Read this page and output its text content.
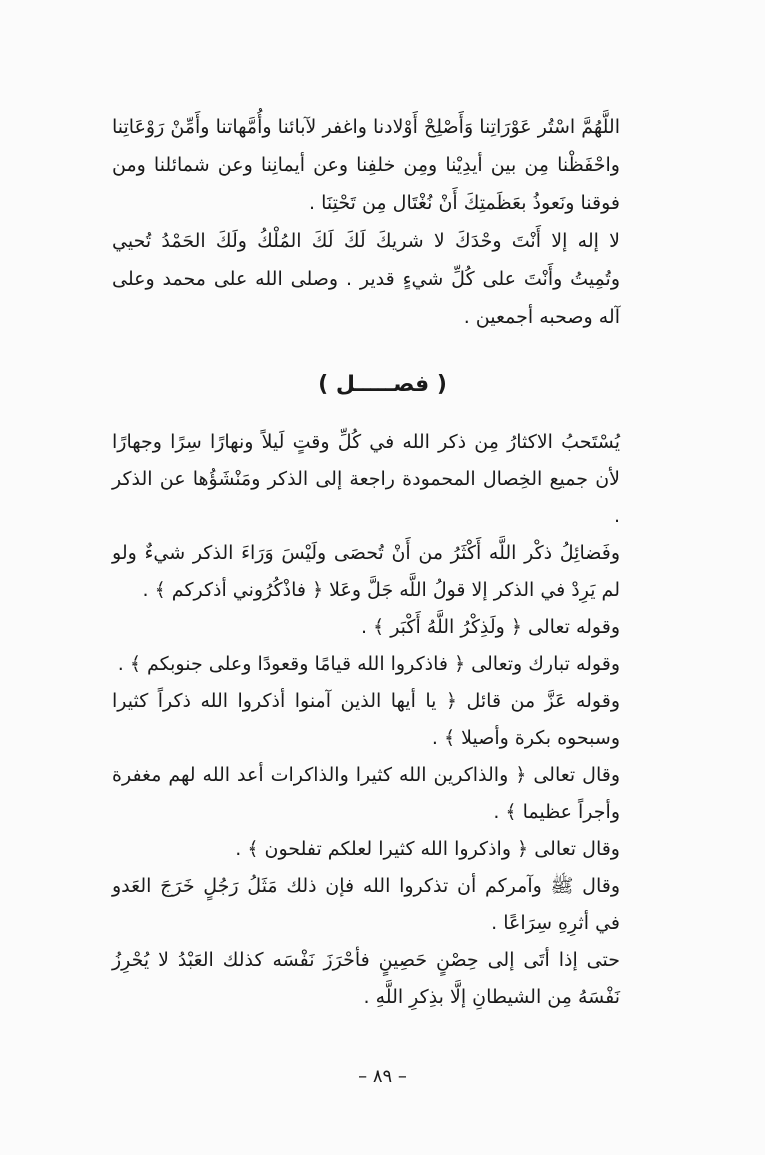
اللَّهُمَّ اسْتُر عَوْرَاتِنا وَأَصْلِحْ أَوْلادنا واغفر لآبائنا وأُمَّهاتنا وأَمِّنْ رَوْعَاتِنا واحْفَظْنا مِن بين أيدِيْنا ومِن خلفِنا وعن أيمانِنا وعن شمائلنا ومن فوقنا ونَعوذُ بعَظَمتِكَ أَنْ نُغْتَال مِن تَحْتِنَا .

لا إله إلا أَنْتَ وحْدَكَ لا شريكَ لَكَ لَكَ المُلْكُ ولَكَ الحَمْدُ تُحيي وتُمِيتُ وأَنْتَ على كُلِّ شيءٍ قدير . وصلى الله على محمد وعلى آله وصحبه أجمعين .

( فصـــــل )

يُسْتَحبُ الاكثارُ مِن ذكر الله في كُلِّ وقتٍ لَيلاً ونهارًا سِرًا وجهارًا لأن جميع الخِصال المحمودة راجعة إلى الذكر ومَنْشَؤُها عن الذكر .

وفَضائِلُ ذكْر اللَّه أَكْثَرُ من أَنْ تُحصَى ولَيْسَ وَرَاءَ الذكر شيءٌ ولو لم يَرِدْ في الذكر إلا قولُ اللَّه جَلَّ وعَلا ﴿ فاذْكُرُوني أذكركم ﴾ .

وقوله تعالى ﴿ ولَذِكْرُ اللَّهُ أَكْبَر ﴾ .

وقوله تبارك وتعالى ﴿ فاذكروا الله قيامًا وقعودًا وعلى جنوبكم ﴾ .

وقوله عَزَّ من قائل ﴿ يا أيها الذين آمنوا أذكروا الله ذكراً كثيرا وسبحوه بكرة وأصيلا ﴾ .

وقال تعالى ﴿ والذاكرين الله كثيرا والذاكرات أعد الله لهم مغفرة وأجراً عظيما ﴾ .

وقال تعالى ﴿ واذكروا الله كثيرا لعلكم تفلحون ﴾ .

وقال ﷺ وآمركم أن تذكروا الله فإن ذلك مَثَلُ رَجُلٍ خَرَجَ العَدو في أثرِهِ سِرَاعًا .

حتى إذا أتَى إلى حِصْنٍ حَصِينٍ فأحْرَزَ نَفْسَه كذلك العَبْدُ لا يُحْرِزُ نَفْسَهُ مِن الشيطانِ إلَّا بذِكرِ اللَّهِ .

– ٨٩ –
